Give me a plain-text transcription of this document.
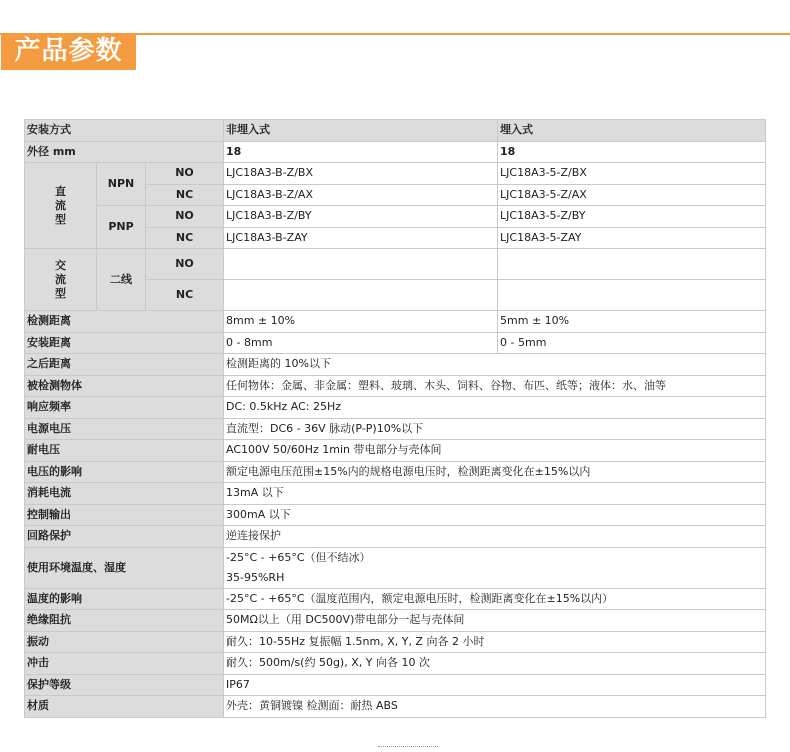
产品参数
安装方式			非埋入式	埋入式
外径 mm			18	18

直
流
型	NPN	NO	LJC18A3-B-Z/BX	LJC18A3-5-Z/BX
		NC	LJC18A3-B-Z/AX	LJC18A3-5-Z/AX
	PNP	NO	LJC18A3-B-Z/BY	LJC18A3-5-Z/BY
		NC	LJC18A3-B-ZAY	LJC18A3-5-ZAY

交
流
型	二线	NO		
		NC		
检测距离			8mm ± 10%	5mm ± 10%
安装距离			0 - 8mm	0 - 5mm
之后距离			检测距离的 10%以下	
被检测物体			任何物体：金属、非金属：塑料、玻璃、木头、饲料、谷物、布匹、纸等；液体：水、油等	
响应频率			DC: 0.5kHz AC: 25Hz	
电源电压			直流型：DC6 - 36V 脉动(P-P)10%以下	
耐电压			AC100V 50/60Hz 1min 带电部分与壳体间	
电压的影响			额定电源电压范围±15%内的规格电源电压时，检测距离变化在±15%以内	
消耗电流			13mA 以下	
控制输出			300mA 以下	
回路保护			逆连接保护	
使用环境温度、湿度			-25°C - +65°C（但不结冰）
35-95%RH	

温度的影响			-25°C - +65°C（温度范围内，额定电源电压时，检测距离变化在±15%以内）	
绝缘阻抗			50MΩ以上（用 DC500V)带电部分一起与壳体间	
振动			耐久：10-55Hz 复振幅 1.5nm, X, Y, Z 向各 2 小时	
冲击			耐久：500m/s(约 50g), X, Y 向各 10 次	
保护等级			IP67	
材质			外壳：黄铜镀镍 检测面：耐热 ABS	
